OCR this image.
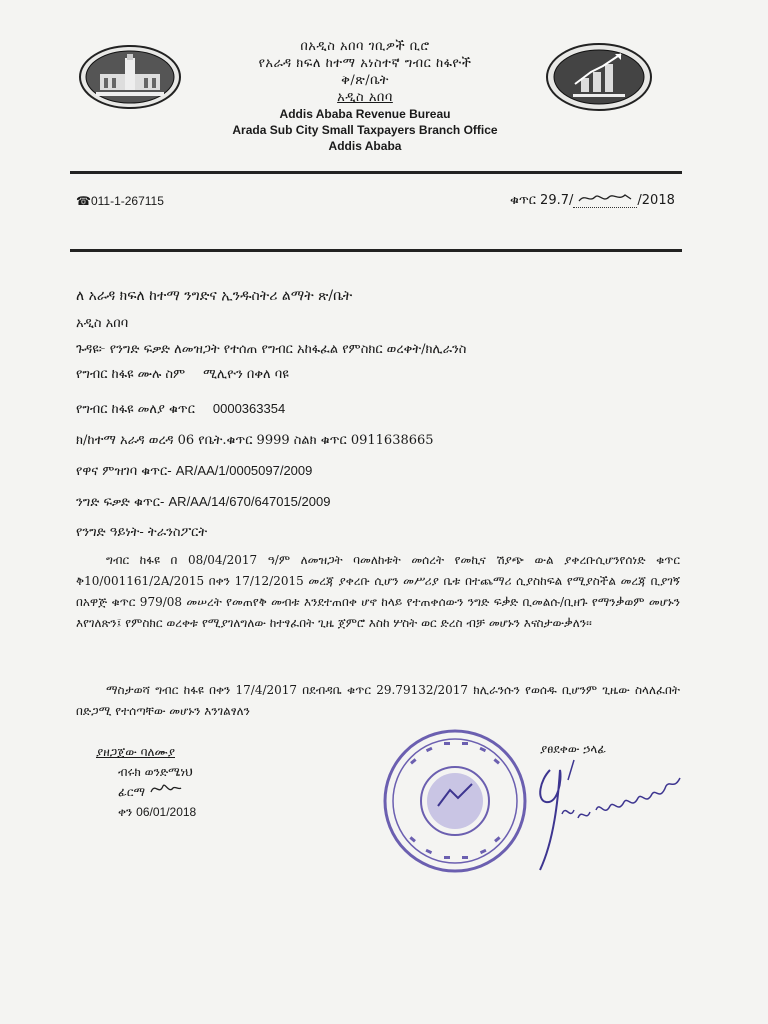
በአዲስ አበባ ገቢዎች ቢሮ
የአራዳ ክፍለ ከተማ አነስተኛ ግብር ከፋዮች
ቅ/ጽ/ቤት
አዲስ አበባ
Addis Ababa Revenue Bureau
Arada Sub City Small Taxpayers Branch Office
Addis Ababa
☎011-1-267115	ቁጥር 29.7/	/2018
ለ አራዳ ክፍለ ከተማ ንግድና ኢንዱስትሪ ልማት ጽ/ቤት
አዲስ አበባ
ጉዳዩ፦ የንግድ ፍቃድ ለመዝጋት የተሰጠ የግብር አከፋፈል የምስክር ወረቀት/ክሊራንስ
የግብር ከፋዩ ሙሉ ስም ሚሊዮን በቀለ ባዩ
የግብር ከፋዩ መለያ ቁጥር 0000363354
ክ/ከተማ አራዳ ወረዳ 06 የቤት.ቁጥር 9999 ስልክ ቁጥር 0911638665
የዋና ምዝገባ ቁጥር- AR/AA/1/0005097/2009
ንግድ ፍቃድ ቁጥር- AR/AA/14/670/647015/2009
የንግድ ዓይነት- ትራንስፖርት
ግብር ከፋዩ በ 08/04/2017 ዓ/ም ለመዝጋት ባመለከቱት መሰረት የመኪና ሽያጭ ውል ያቀረቡሲሆንየሰነድ ቁጥር ቅ10/001161/2A/2015 በቀን 17/12/2015 መረጃ ያቀረቡ ሲሆን መሥሪያ ቤቱ በተጨማሪ ሲያስከፍል የሚያስችል መረጃ ቢያገኝ በአዋጅ ቁጥር 979/08 መሠረት የመጠየቅ መብቱ እንደተጠበቀ ሆኖ ከላይ የተጠቀሰውን ንግድ ፍቃድ ቢመልሱ/ቢዘጉ የማንቃወም መሆኑን እየገለጽን፤ የምስክር ወረቀቱ የሚያገለግለው ከተፃፈበት ጊዜ ጀምሮ እስከ ሦስት ወር ድረስ ብቻ መሆኑን እናስታውቃለን፡፡
ማስታወሻ ግብር ከፋዩ በቀን 17/4/2017 በደብዳቤ ቁጥር 29.79132/2017 ክሊራንሱን የወሰዱ ቢሆንም ጊዜው ስላለፈበት በድጋሚ የተሰጣቸው መሆኑን እንገልፃለን
ያዘጋጀው ባለሙያ
ብሩክ ወንድሜነህ
ፊርማ
ቀን 06/01/2018
ያፀደቀው ኃላፊ
